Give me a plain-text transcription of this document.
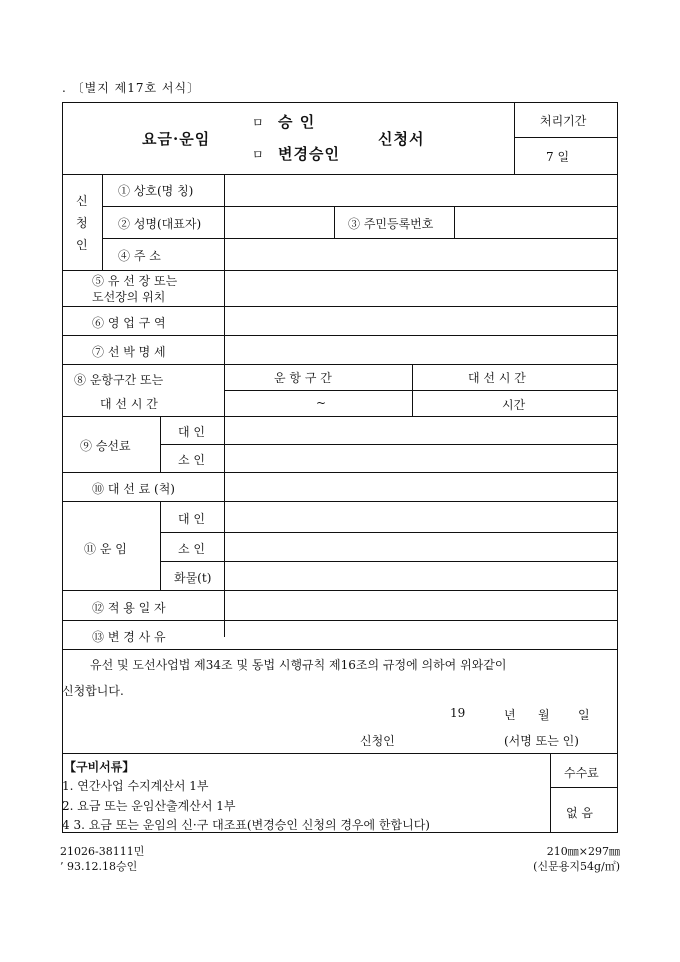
. 〔별지 제17호 서식〕
요금·운임
ㅁ 승 인
ㅁ 변경승인
신청서
처리기간
7 일
신
청
인
① 상호(명 칭)
② 성명(대표자)	③ 주민등록번호
④ 주 소
⑤ 유 선 장 또는
도선장의 위치
⑥ 영 업 구 역
⑦ 선 박 명 세
⑧ 운항구간 또는
대 선 시 간
운 항 구 간	대 선 시 간
~	시간
⑨ 승선료
대 인
소 인
⑩ 대 선 료 (척)
⑪ 운 임
대 인
소 인
화물(t)
⑫ 적 용 일 자
⑬ 변 경 사 유
유선 및 도선사업법 제34조 및 동법 시행규칙 제16조의 규정에 의하여 위와같이
신청합니다.
19	년 월 일
신청인	(서명 또는 인)
【구비서류】
1. 연간사업 수지계산서 1부
2. 요금 또는 운임산출계산서 1부
4 3. 요금 또는 운임의 신·구 대조표(변경승인 신청의 경우에 한합니다)
수수료
없 음
21026-38111민
’ 93.12.18승인
210㎜×297㎜
(신문용지54g/㎡)
